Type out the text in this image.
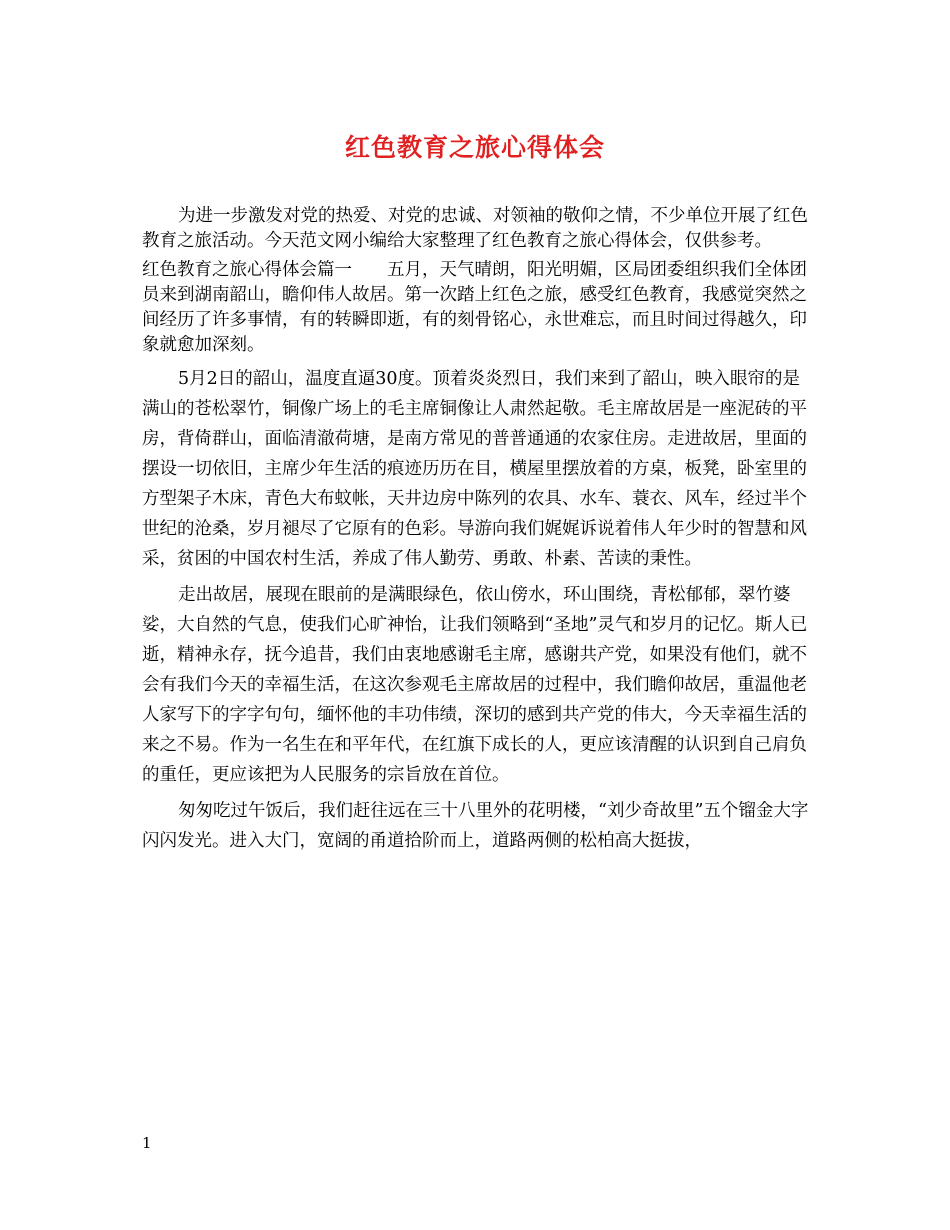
红色教育之旅心得体会

为进一步激发对党的热爱、对党的忠诚、对领袖的敬仰之情，不少单位开展了红色教育之旅活动。今天范文网小编给大家整理了红色教育之旅心得体会，仅供参考。

红色教育之旅心得体会篇一　　五月，天气晴朗，阳光明媚，区局团委组织我们全体团员来到湖南韶山，瞻仰伟人故居。第一次踏上红色之旅，感受红色教育，我感觉突然之间经历了许多事情，有的转瞬即逝，有的刻骨铭心，永世难忘，而且时间过得越久，印象就愈加深刻。

5月2日的韶山，温度直逼30度。顶着炎炎烈日，我们来到了韶山，映入眼帘的是满山的苍松翠竹，铜像广场上的毛主席铜像让人肃然起敬。毛主席故居是一座泥砖的平房，背倚群山，面临清澈荷塘，是南方常见的普普通通的农家住房。走进故居，里面的摆设一切依旧，主席少年生活的痕迹历历在目，横屋里摆放着的方桌，板凳，卧室里的方型架子木床，青色大布蚊帐，天井边房中陈列的农具、水车、蓑衣、风车，经过半个世纪的沧桑，岁月褪尽了它原有的色彩。导游向我们娓娓诉说着伟人年少时的智慧和风采，贫困的中国农村生活，养成了伟人勤劳、勇敢、朴素、苦读的秉性。

走出故居，展现在眼前的是满眼绿色，依山傍水，环山围绕，青松郁郁，翠竹婆娑，大自然的气息，使我们心旷神怡，让我们领略到“圣地”灵气和岁月的记忆。斯人已逝，精神永存，抚今追昔，我们由衷地感谢毛主席，感谢共产党，如果没有他们，就不会有我们今天的幸福生活，在这次参观毛主席故居的过程中，我们瞻仰故居，重温他老人家写下的字字句句，缅怀他的丰功伟绩，深切的感到共产党的伟大，今天幸福生活的来之不易。作为一名生在和平年代，在红旗下成长的人，更应该清醒的认识到自己肩负的重任，更应该把为人民服务的宗旨放在首位。

匆匆吃过午饭后，我们赶往远在三十八里外的花明楼，“刘少奇故里”五个镏金大字闪闪发光。进入大门，宽阔的甬道拾阶而上，道路两侧的松柏高大挺拔，

1
